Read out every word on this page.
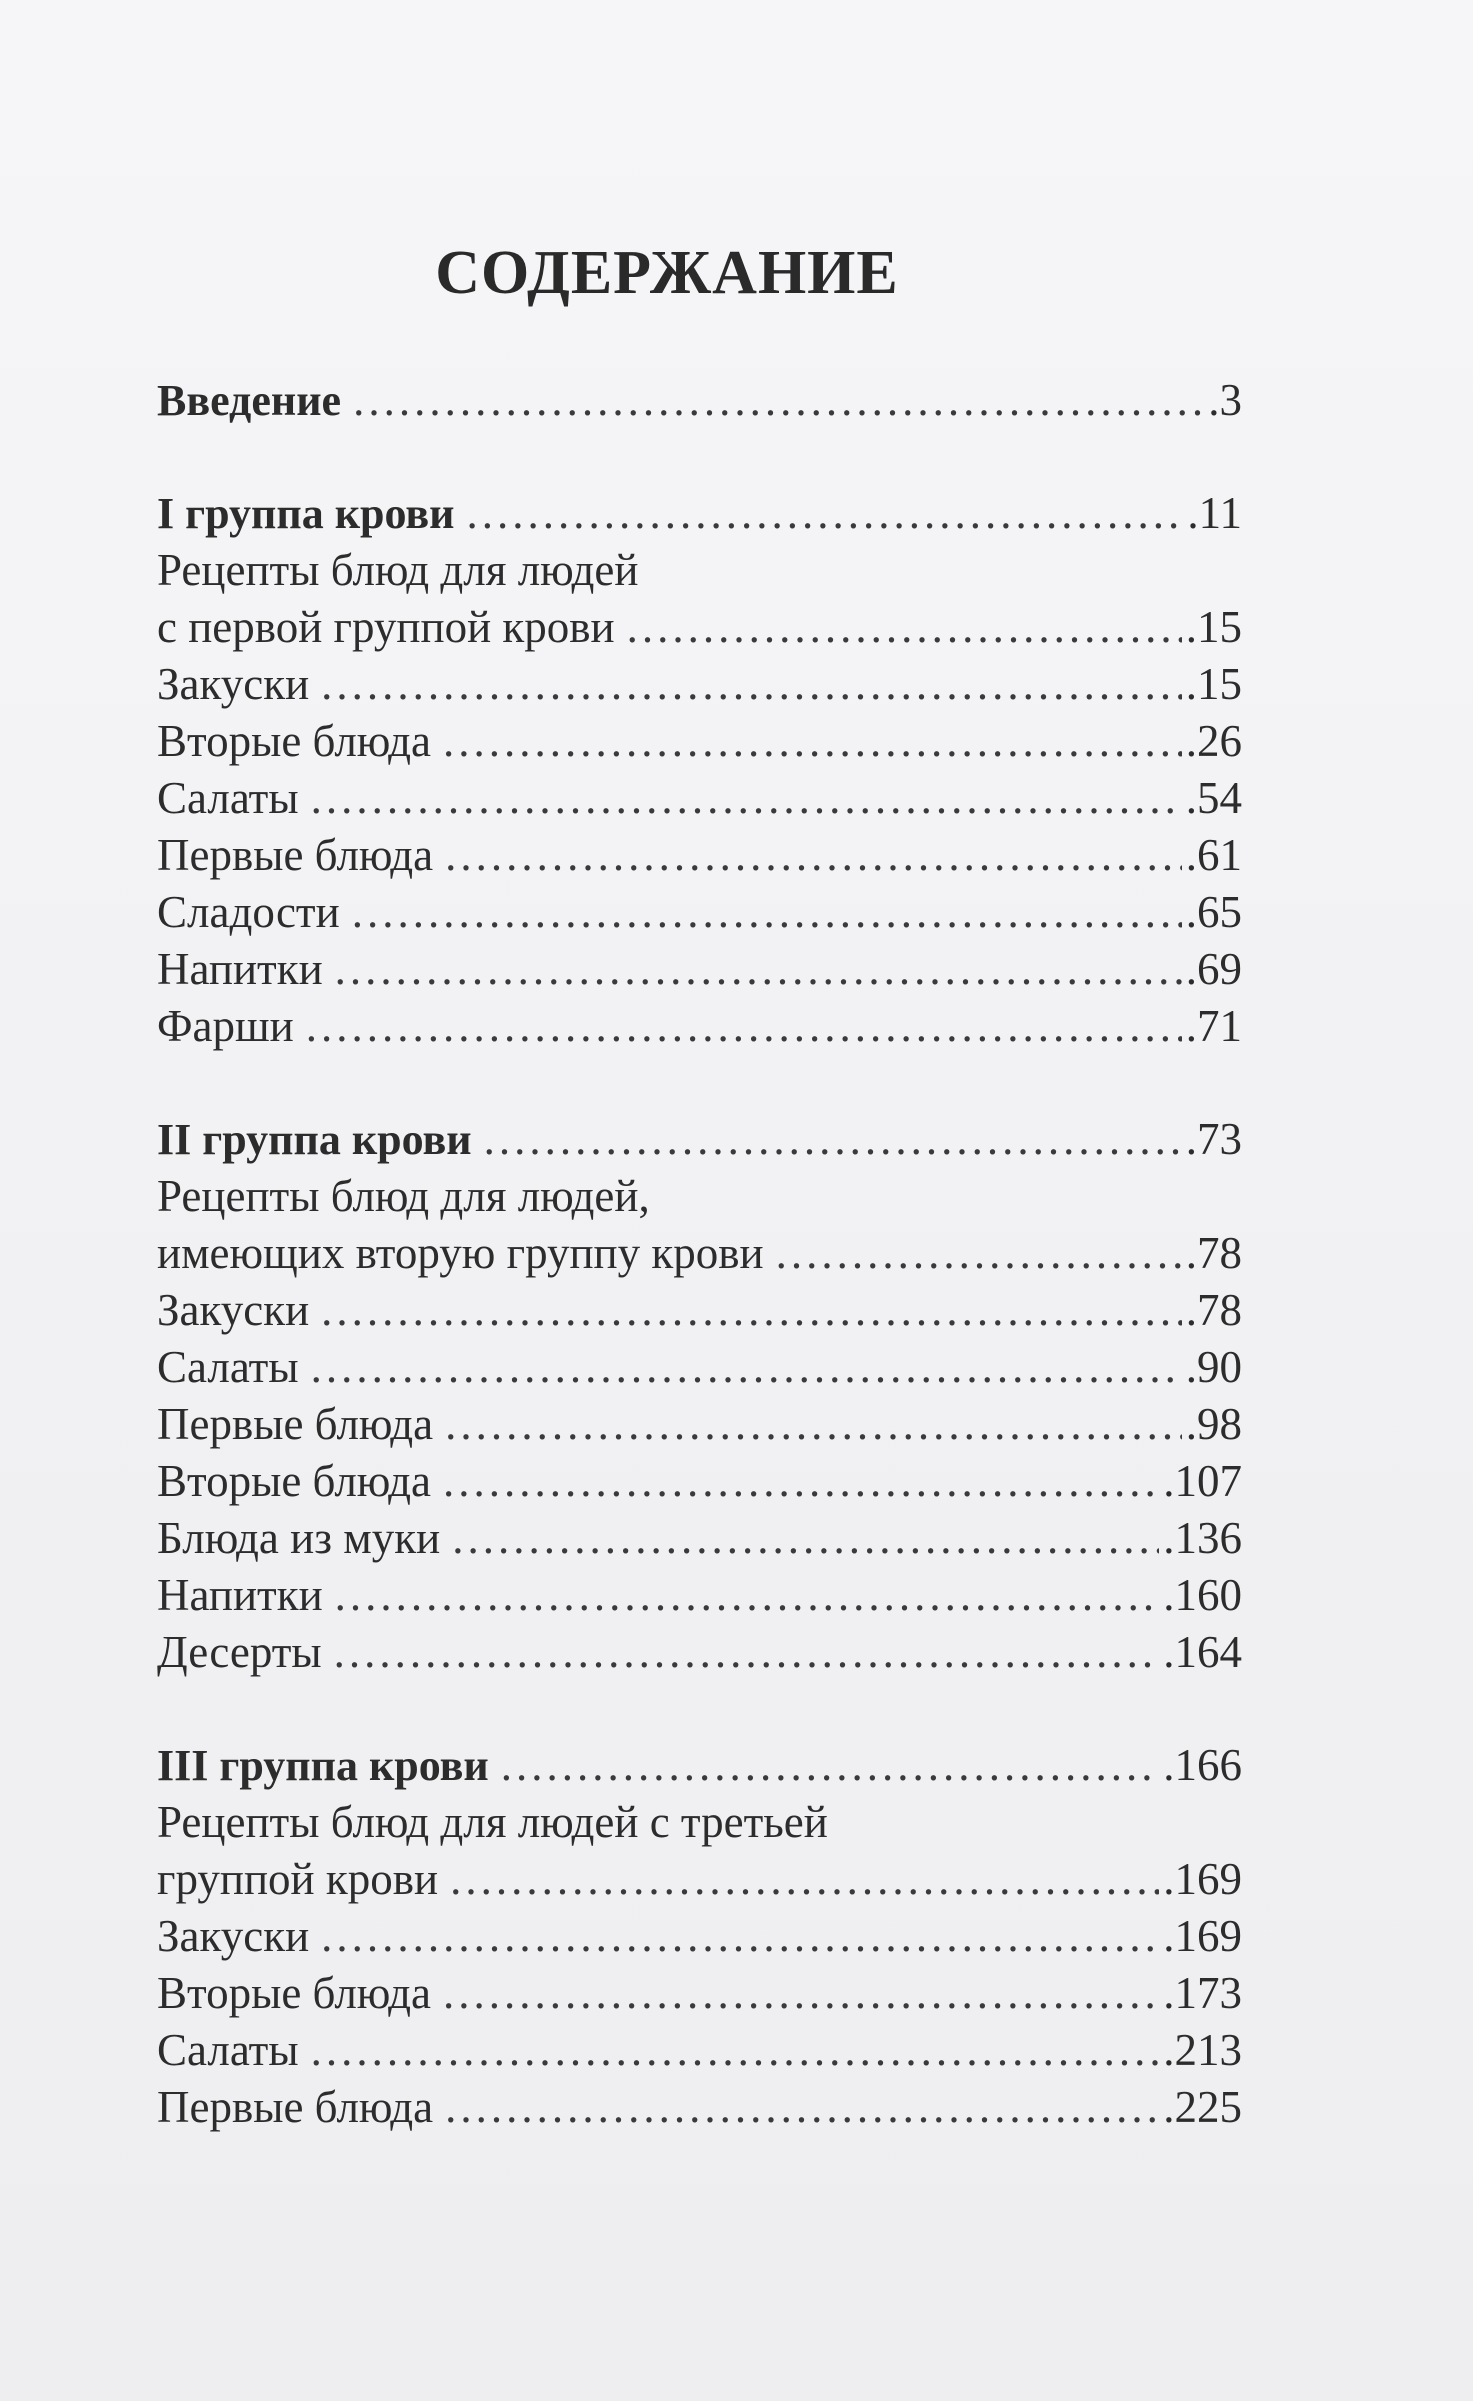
СОДЕРЖАНИЕ
Введение .....	.3
I группа крови .....	.11
Рецепты блюд для людей
с первой группой крови .....	.15
Закуски .....	.15
Вторые блюда .....	.26
Салаты .....	.54
Первые блюда .....	.61
Сладости .....	.65
Напитки .....	.69
Фарши .....	.71
II группа крови .....	.73
Рецепты блюд для людей,
имеющих вторую группу крови .....	.78
Закуски .....	.78
Салаты .....	.90
Первые блюда .....	.98
Вторые блюда .....	.107
Блюда из муки .....	.136
Напитки .....	.160
Десерты .....	.164
III группа крови .....	.166
Рецепты блюд для людей с третьей
группой крови .....	.169
Закуски .....	.169
Вторые блюда .....	.173
Салаты .....	.213
Первые блюда .....	.225
